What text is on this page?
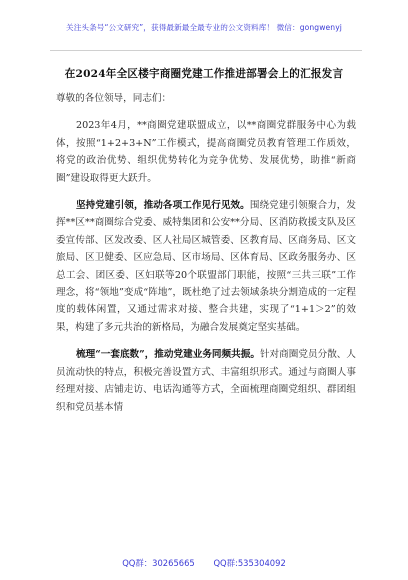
关注头条号“公文研究”，获得最新最全最专业的公文资料库！ 微信：gongwenyj
在2024年全区楼宇商圈党建工作推进部署会上的汇报发言

尊敬的各位领导，同志们：

2023年4月，**商圈党建联盟成立，以**商圈党群服务中心为载体，按照“1+2+3+N”工作模式，提高商圈党员教育管理工作质效，将党的政治优势、组织优势转化为竞争优势、发展优势，助推“新商圈”建设取得更大跃升。

坚持党建引领，推动各项工作见行见效。围绕党建引领聚合力，发挥**区**商圈综合党委、威特集团和公安**分局、区消防救援支队及区委宣传部、区发改委、区人社局区城管委、区教育局、区商务局、区文旅局、区卫健委、区应急局、区市场局、区体育局、区政务服务办、区总工会、团区委、区妇联等20个联盟部门职能，按照“三共三联”工作理念，将“领地”变成“阵地”，既杜绝了过去领域条块分割造成的一定程度的载体闲置，又通过需求对接、整合共建，实现了“1+1＞2”的效果，构建了多元共治的新格局，为融合发展奠定坚实基础。

梳理“一套底数”，推动党建业务同频共振。针对商圈党员分散、人员流动快的特点，积极完善设置方式、丰富组织形式。通过与商圈人事经理对接、店铺走访、电话沟通等方式，全面梳理商圈党组织、群团组织和党员基本情

QQ群：30265665 QQ群:535304092
